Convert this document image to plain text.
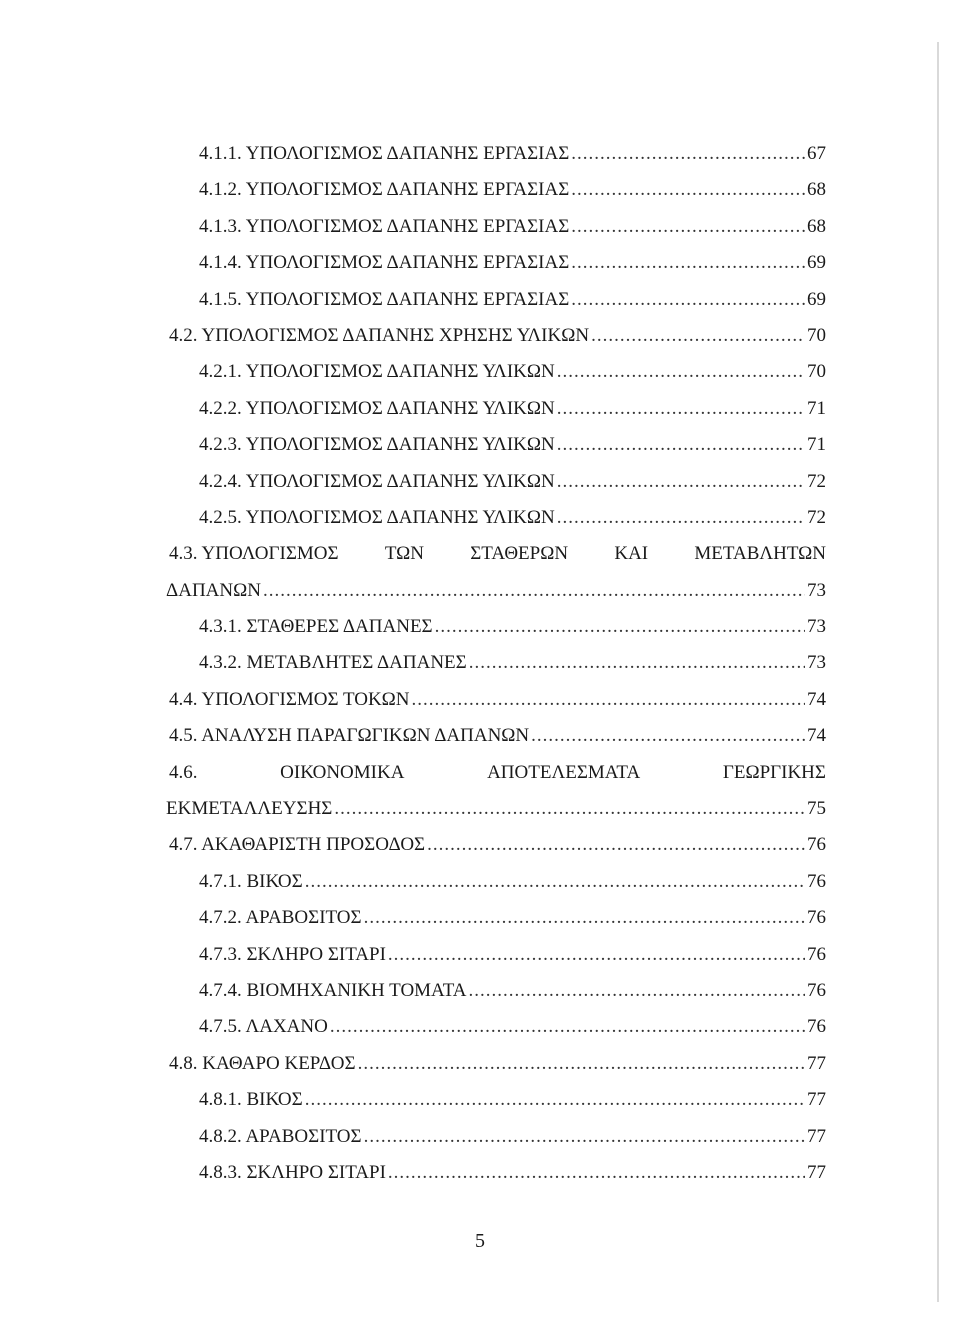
4.1.1. ΥΠΟΛΟΓΙΣΜΟΣ ΔΑΠΑΝΗΣ ΕΡΓΑΣΙΑΣ .....	67
4.1.2. ΥΠΟΛΟΓΙΣΜΟΣ ΔΑΠΑΝΗΣ ΕΡΓΑΣΙΑΣ .....	68
4.1.3. ΥΠΟΛΟΓΙΣΜΟΣ ΔΑΠΑΝΗΣ ΕΡΓΑΣΙΑΣ .....	68
4.1.4. ΥΠΟΛΟΓΙΣΜΟΣ ΔΑΠΑΝΗΣ ΕΡΓΑΣΙΑΣ .....	69
4.1.5. ΥΠΟΛΟΓΙΣΜΟΣ ΔΑΠΑΝΗΣ ΕΡΓΑΣΙΑΣ .....	69
4.2. ΥΠΟΛΟΓΙΣΜΟΣ ΔΑΠΑΝΗΣ ΧΡΗΣΗΣ ΥΛΙΚΩΝ .....	70
4.2.1. ΥΠΟΛΟΓΙΣΜΟΣ ΔΑΠΑΝΗΣ ΥΛΙΚΩΝ .....	70
4.2.2. ΥΠΟΛΟΓΙΣΜΟΣ ΔΑΠΑΝΗΣ ΥΛΙΚΩΝ .....	71
4.2.3. ΥΠΟΛΟΓΙΣΜΟΣ ΔΑΠΑΝΗΣ ΥΛΙΚΩΝ .....	71
4.2.4. ΥΠΟΛΟΓΙΣΜΟΣ ΔΑΠΑΝΗΣ ΥΛΙΚΩΝ .....	72
4.2.5. ΥΠΟΛΟΓΙΣΜΟΣ ΔΑΠΑΝΗΣ ΥΛΙΚΩΝ .....	72
4.3. ΥΠΟΛΟΓΙΣΜΟΣ ΤΩΝ ΣΤΑΘΕΡΩΝ ΚΑΙ ΜΕΤΑΒΛΗΤΩΝ
ΔΑΠΑΝΩΝ .....	73
4.3.1. ΣΤΑΘΕΡΕΣ ΔΑΠΑΝΕΣ .....	73
4.3.2. ΜΕΤΑΒΛΗΤΕΣ ΔΑΠΑΝΕΣ .....	73
4.4. ΥΠΟΛΟΓΙΣΜΟΣ ΤΟΚΩΝ .....	74
4.5. ΑΝΑΛΥΣΗ ΠΑΡΑΓΩΓΙΚΩΝ ΔΑΠΑΝΩΝ .....	74
4.6.	ΟΙΚΟΝΟΜΙΚΑ	ΑΠΟΤΕΛΕΣΜΑΤΑ	ΓΕΩΡΓΙΚΗΣ
ΕΚΜΕΤΑΛΛΕΥΣΗΣ .....	75
4.7. ΑΚΑΘΑΡΙΣΤΗ ΠΡΟΣΟΔΟΣ .....	76
4.7.1. ΒΙΚΟΣ .....	76
4.7.2. ΑΡΑΒΟΣΙΤΟΣ .....	76
4.7.3. ΣΚΛΗΡΟ ΣΙΤΑΡΙ .....	76
4.7.4. ΒΙΟΜΗΧΑΝΙΚΗ ΤΟΜΑΤΑ .....	76
4.7.5. ΛΑΧΑΝΟ .....	76
4.8. ΚΑΘΑΡΟ ΚΕΡΔΟΣ .....	77
4.8.1. ΒΙΚΟΣ .....	77
4.8.2. ΑΡΑΒΟΣΙΤΟΣ .....	77
4.8.3. ΣΚΛΗΡΟ ΣΙΤΑΡΙ .....	77
5
